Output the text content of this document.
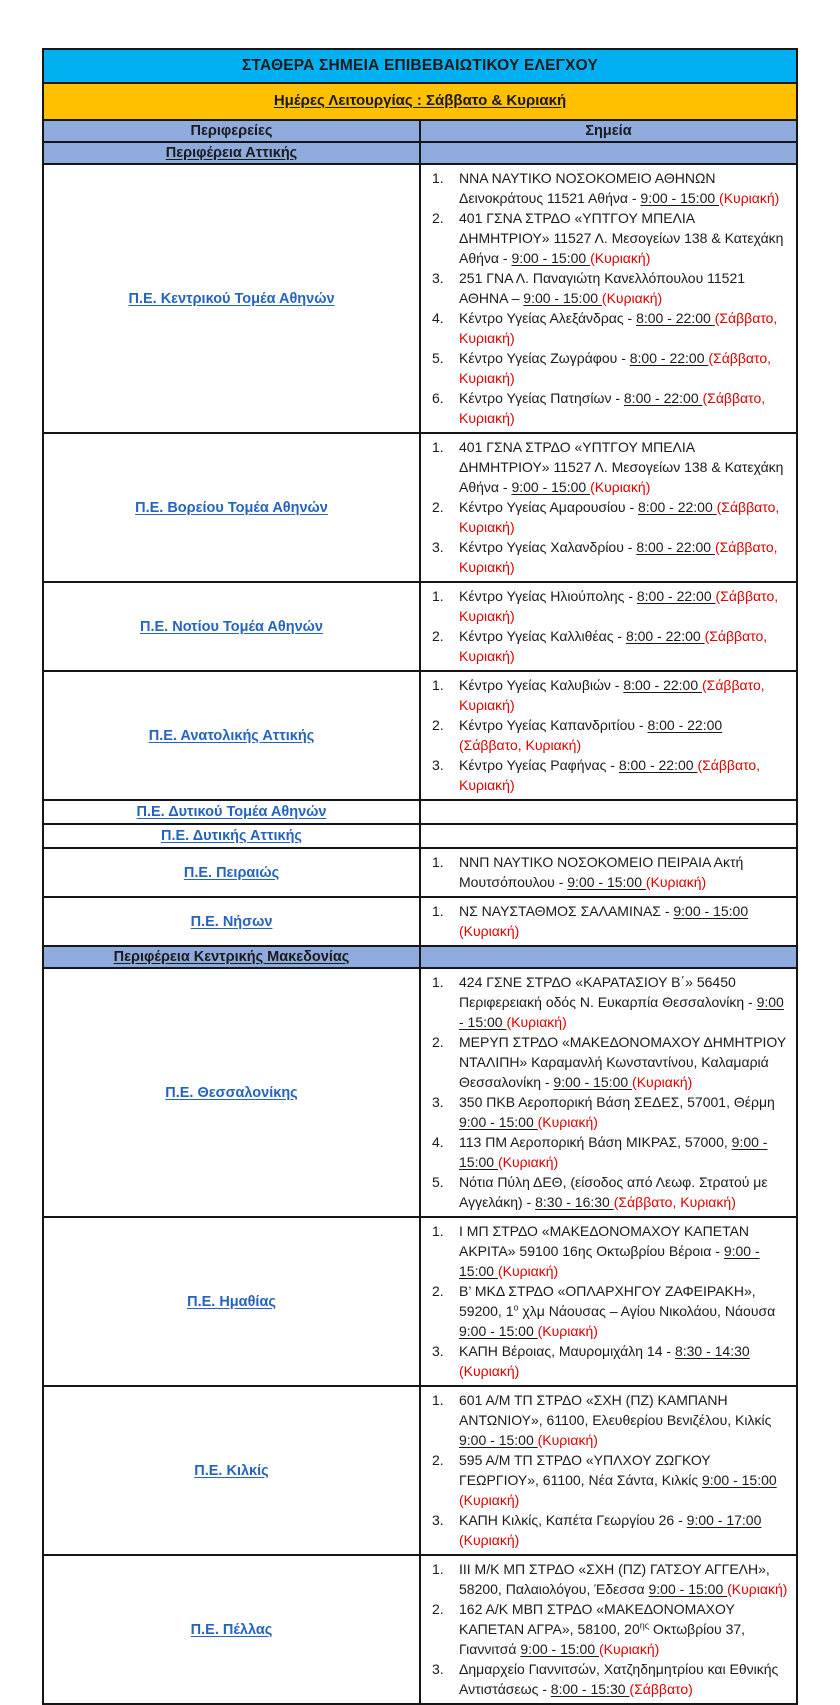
ΣΤΑΘΕΡΑ ΣΗΜΕΙΑ ΕΠΙΒΕΒΑΙΩΤΙΚΟΥ ΕΛΕΓΧΟΥ	
Ημέρες Λειτουργίας : Σάββατο & Κυριακή	
Περιφερείες	Σημεία
Περιφέρεια Αττικής	
Π.Ε. Κεντρικού Τομέα Αθηνών	
1.	ΝΝΑ ΝΑΥΤΙΚΟ ΝΟΣΟΚΟΜΕΙΟ ΑΘΗΝΩΝ Δεινοκράτους 11521 Αθήνα - 9:00 - 15:00 (Κυριακή)
2.	401 ΓΣΝΑ ΣΤΡΔΟ «ΥΠΤΓΟΥ ΜΠΕΛΙΑ ΔΗΜΗΤΡΙΟΥ» 11527 Λ. Μεσογείων 138 & Κατεχάκη Αθήνα - 9:00 - 15:00 (Κυριακή)
3.	251 ΓΝΑ Λ. Παναγιώτη Κανελλόπουλου 11521 ΑΘΗΝΑ – 9:00 - 15:00 (Κυριακή)
4.	Κέντρο Υγείας Αλεξάνδρας - 8:00 - 22:00 (Σάββατο, Κυριακή)
5.	Κέντρο Υγείας Ζωγράφου - 8:00 - 22:00 (Σάββατο, Κυριακή)
6.	Κέντρο Υγείας Πατησίων - 8:00 - 22:00 (Σάββατο, Κυριακή)

Π.Ε. Βορείου Τομέα Αθηνών	
1.	401 ΓΣΝΑ ΣΤΡΔΟ «ΥΠΤΓΟΥ ΜΠΕΛΙΑ ΔΗΜΗΤΡΙΟΥ» 11527 Λ. Μεσογείων 138 & Κατεχάκη Αθήνα - 9:00 - 15:00 (Κυριακή)
2.	Κέντρο Υγείας Αμαρουσίου - 8:00 - 22:00 (Σάββατο, Κυριακή)
3.	Κέντρο Υγείας Χαλανδρίου - 8:00 - 22:00 (Σάββατο, Κυριακή)

Π.Ε. Νοτίου Τομέα Αθηνών	1. Κέντρο Υγείας Ηλιούπολης - 8:00 - 22:00 (Σάββατο, Κυριακή)
2. Κέντρο Υγείας Καλλιθέας - 8:00 - 22:00 (Σάββατο, Κυριακή)

Π.Ε. Ανατολικής Αττικής	
1.	Κέντρο Υγείας Καλυβιών - 8:00 - 22:00 (Σάββατο, Κυριακή)
2.	Κέντρο Υγείας Καπανδριτίου - 8:00 - 22:00 (Σάββατο, Κυριακή)
3.	Κέντρο Υγείας Ραφήνας - 8:00 - 22:00 (Σάββατο, Κυριακή)

Π.Ε. Δυτικού Τομέα Αθηνών	
Π.Ε. Δυτικής Αττικής	
Π.Ε. Πειραιώς	1. ΝΝΠ ΝΑΥΤΙΚΟ ΝΟΣΟΚΟΜΕΙΟ ΠΕΙΡΑΙΑ Ακτή Μουτσόπουλου - 9:00 - 15:00 (Κυριακή)

Π.Ε. Νήσων	1. ΝΣ ΝΑΥΣΤΑΘΜΟΣ ΣΑΛΑΜΙΝΑΣ - 9:00 - 15:00 (Κυριακή)

Περιφέρεια Κεντρικής Μακεδονίας	
Π.Ε. Θεσσαλονίκης	
1.	424 ΓΣΝΕ ΣΤΡΔΟ «ΚΑΡΑΤΑΣΙΟΥ Β΄» 56450 Περιφερειακή οδός Ν. Ευκαρπία Θεσσαλονίκη - 9:00 - 15:00 (Κυριακή)
2.	ΜΕΡΥΠ ΣΤΡΔΟ «ΜΑΚΕΔΟΝΟΜΑΧΟΥ ΔΗΜΗΤΡΙΟΥ ΝΤΑΛΙΠΗ» Καραμανλή Κωνσταντίνου, Καλαμαριά Θεσσαλονίκη - 9:00 - 15:00 (Κυριακή)
3.	350 ΠΚΒ Αεροπορική Βάση ΣΕΔΕΣ, 57001, Θέρμη 9:00 - 15:00 (Κυριακή)
4.	113 ΠΜ Αεροπορική Βάση ΜΙΚΡΑΣ, 57000, 9:00 - 15:00 (Κυριακή)
5.	Νότια Πύλη ΔΕΘ, (είσοδος από Λεωφ. Στρατού με Αγγελάκη) - 8:30 - 16:30 (Σάββατο, Κυριακή)

Π.Ε. Ημαθίας	
1.	Ι ΜΠ ΣΤΡΔΟ «ΜΑΚΕΔΟΝΟΜΑΧΟΥ ΚΑΠΕΤΑΝ ΑΚΡΙΤΑ» 59100 16ης Οκτωβρίου Βέροια - 9:00 - 15:00 (Κυριακή)
2.	Β’ ΜΚΔ ΣΤΡΔΟ «ΟΠΛΑΡΧΗΓΟΥ ΖΑΦΕΙΡΑΚΗ», 59200, $1^o$ χλμ Νάουσας – Αγίου Νικολάου, Νάουσα 9:00 - 15:00 (Κυριακή)
3.	ΚΑΠΗ Βέροιας, Μαυρομιχάλη 14 - 8:30 - 14:30 (Κυριακή)

Π.Ε. Κιλκίς	
1.	601 Α/Μ ΤΠ ΣΤΡΔΟ «ΣΧΗ (ΠΖ) ΚΑΜΠΑΝΗ ΑΝΤΩΝΙΟΥ», 61100, Ελευθερίου Βενιζέλου, Κιλκίς 9:00 - 15:00 (Κυριακή)
2.	595 Α/Μ ΤΠ ΣΤΡΔΟ «ΥΠΛΧΟΥ ΖΩΓΚΟΥ ΓΕΩΡΓΙΟΥ», 61100, Νέα Σάντα, Κιλκίς 9:00 - 15:00 (Κυριακή)
3.	ΚΑΠΗ Κιλκίς, Καπέτα Γεωργίου 26 - 9:00 - 17:00 (Κυριακή)

Π.Ε. Πέλλας	
1.	ΙΙΙ Μ/Κ ΜΠ ΣΤΡΔΟ «ΣΧΗ (ΠΖ) ΓΑΤΣΟΥ ΑΓΓΕΛΗ», 58200, Παλαιολόγου, Έδεσσα 9:00 - 15:00 (Κυριακή)
2.	162 Α/Κ ΜΒΠ ΣΤΡΔΟ «ΜΑΚΕΔΟΝΟΜΑΧΟΥ ΚΑΠΕΤΑΝ ΑΓΡΑ», 58100, $20^{\eta\varsigma}$ Οκτωβρίου 37, Γιαννιτσά 9:00 - 15:00 (Κυριακή)
3.	Δημαρχείο Γιαννιτσών, Χατζηδημητρίου και Εθνικής Αντιστάσεως - 8:00 - 15:30 (Σάββατο)
